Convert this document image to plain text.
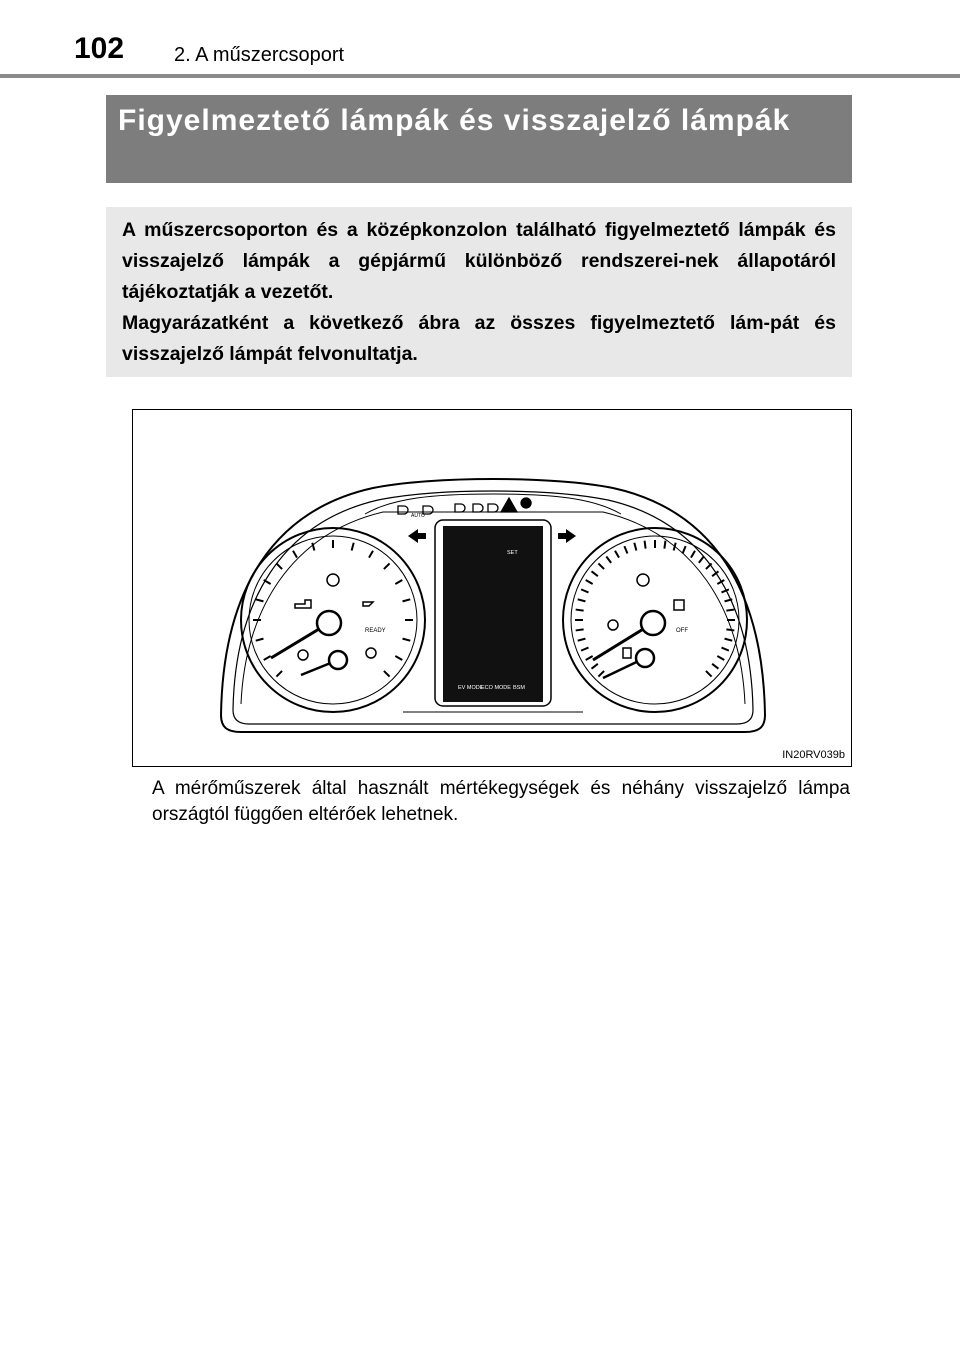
102 2. A műszercsoport
Figyelmeztető lámpák és visszajelző lámpák

A műszercsoporton és a középkonzolon található figyelmeztető lámpák és visszajelző lámpák a gépjármű különböző rendszerei-nek állapotáról tájékoztatják a vezetőt.

Magyarázatként a következő ábra az összes figyelmeztető lám-pát és visszajelző lámpát felvonultatja.

READY	OFF
AUTO
SET
EV MODE
ECO MODE BSM
IN20RV039b
A mérőműszerek által használt mértékegységek és néhány visszajelző lámpa országtól függően eltérőek lehetnek.
